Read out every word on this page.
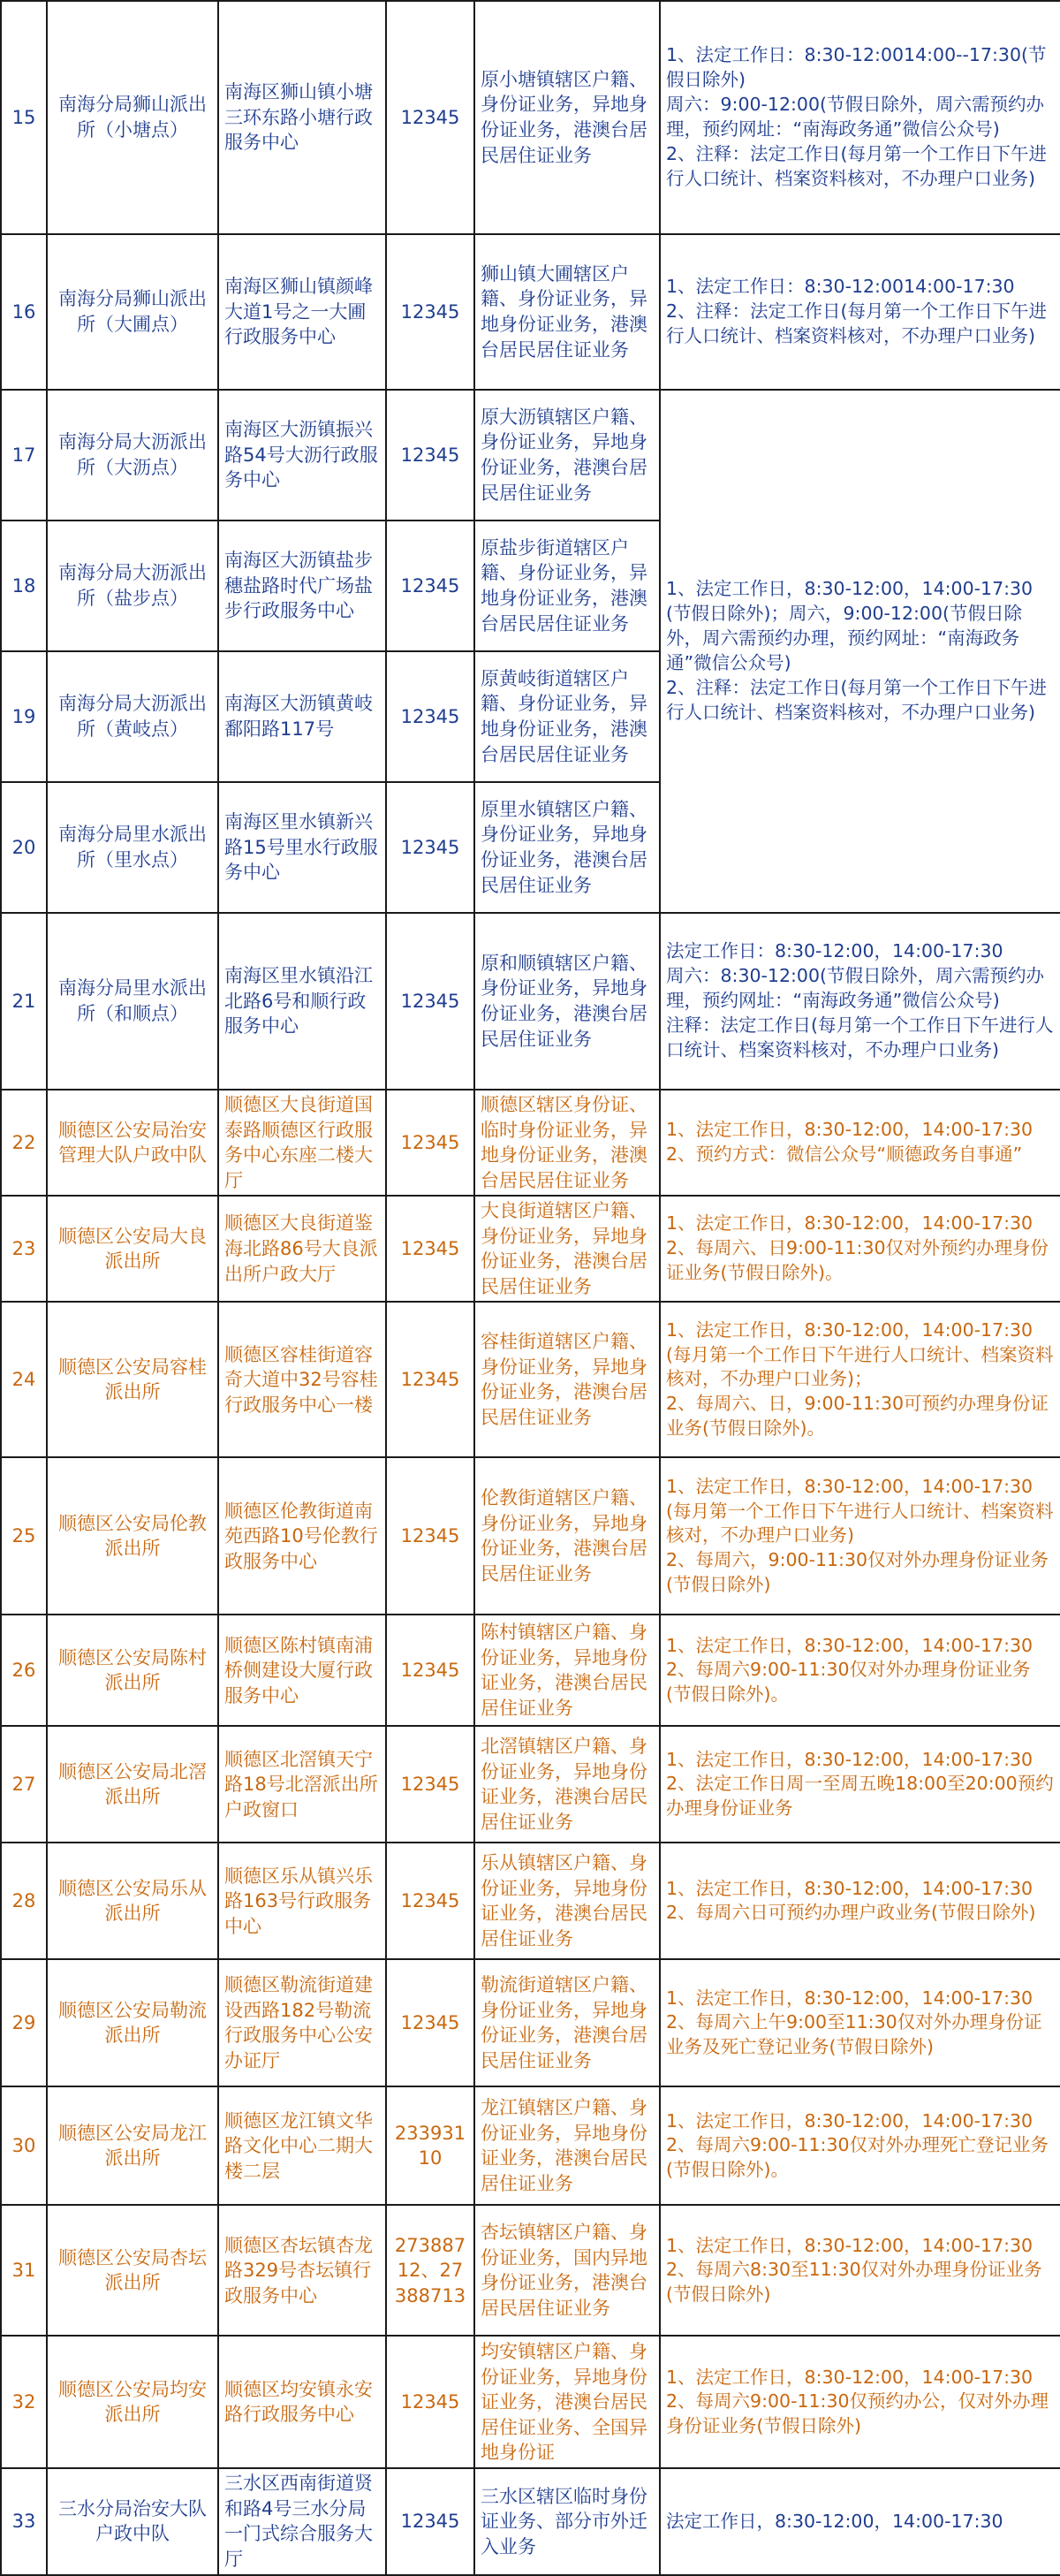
15	南海分局狮山派出所（小塘点）	南海区狮山镇小塘三环东路小塘行政服务中心	12345	原小塘镇辖区户籍、身份证业务，异地身份证业务，港澳台居民居住证业务	1、法定工作日：8:30-12:0014:00--17:30(节假日除外)
周六：9:00-12:00(节假日除外，周六需预约办理，预约网址：“南海政务通”微信公众号)
2、注释：法定工作日(每月第一个工作日下午进行人口统计、档案资料核对，不办理户口业务)
16	南海分局狮山派出所（大圃点）	南海区狮山镇颜峰大道1号之一大圃行政服务中心	12345	狮山镇大圃辖区户籍、身份证业务，异地身份证业务，港澳台居民居住证业务	1、法定工作日：8:30-12:0014:00-17:30
2、注释：法定工作日(每月第一个工作日下午进行人口统计、档案资料核对，不办理户口业务)
17	南海分局大沥派出所（大沥点）	南海区大沥镇振兴路54号大沥行政服务中心	12345	原大沥镇辖区户籍、身份证业务，异地身份证业务，港澳台居民居住证业务	1、法定工作日，8:30-12:00，14:00-17:30(节假日除外)；周六，9:00-12:00(节假日除外，周六需预约办理，预约网址：“南海政务通”微信公众号)
2、注释：法定工作日(每月第一个工作日下午进行人口统计、档案资料核对，不办理户口业务)
18	南海分局大沥派出所（盐步点）	南海区大沥镇盐步穗盐路时代广场盐步行政服务中心	12345	原盐步街道辖区户籍、身份证业务，异地身份证业务，港澳台居民居住证业务	
19	南海分局大沥派出所（黄岐点）	南海区大沥镇黄岐鄱阳路117号	12345	原黄岐街道辖区户籍、身份证业务，异地身份证业务，港澳台居民居住证业务	
20	南海分局里水派出所（里水点）	南海区里水镇新兴路15号里水行政服务中心	12345	原里水镇辖区户籍、身份证业务，异地身份证业务，港澳台居民居住证业务	
21	南海分局里水派出所（和顺点）	南海区里水镇沿江北路6号和顺行政服务中心	12345	原和顺镇辖区户籍、身份证业务，异地身份证业务，港澳台居民居住证业务	法定工作日：8:30-12:00，14:00-17:30
周六：8:30-12:00(节假日除外，周六需预约办理，预约网址：“南海政务通”微信公众号)
注释：法定工作日(每月第一个工作日下午进行人口统计、档案资料核对，不办理户口业务)
22	顺德区公安局治安管理大队户政中队	顺德区大良街道国泰路顺德区行政服务中心东座二楼大厅	12345	顺德区辖区身份证、临时身份证业务，异地身份证业务，港澳台居民居住证业务	1、法定工作日，8:30-12:00，14:00-17:30
2、预约方式：微信公众号“顺德政务自事通”
23	顺德区公安局大良派出所	顺德区大良街道鉴海北路86号大良派出所户政大厅	12345	大良街道辖区户籍、身份证业务，异地身份证业务，港澳台居民居住证业务	1、法定工作日，8:30-12:00，14:00-17:30
2、每周六、日9:00-11:30仅对外预约办理身份证业务(节假日除外)。
24	顺德区公安局容桂派出所	顺德区容桂街道容奇大道中32号容桂行政服务中心一楼	12345	容桂街道辖区户籍、身份证业务，异地身份证业务，港澳台居民居住证业务	1、法定工作日，8:30-12:00，14:00-17:30(每月第一个工作日下午进行人口统计、档案资料核对，不办理户口业务)；
2、每周六、日，9:00-11:30可预约办理身份证业务(节假日除外)。
25	顺德区公安局伦教派出所	顺德区伦教街道南苑西路10号伦教行政服务中心	12345	伦教街道辖区户籍、身份证业务，异地身份证业务，港澳台居民居住证业务	1、法定工作日，8:30-12:00，14:00-17:30(每月第一个工作日下午进行人口统计、档案资料核对，不办理户口业务)
2、每周六，9:00-11:30仅对外办理身份证业务(节假日除外)
26	顺德区公安局陈村派出所	顺德区陈村镇南浦桥侧建设大厦行政服务中心	12345	陈村镇辖区户籍、身份证业务，异地身份证业务，港澳台居民居住证业务	1、法定工作日，8:30-12:00，14:00-17:30
2、每周六9:00-11:30仅对外办理身份证业务(节假日除外)。
27	顺德区公安局北滘派出所	顺德区北滘镇天宁路18号北滘派出所户政窗口	12345	北滘镇辖区户籍、身份证业务，异地身份证业务，港澳台居民居住证业务	1、法定工作日，8:30-12:00，14:00-17:30
2、法定工作日周一至周五晚18:00至20:00预约办理身份证业务
28	顺德区公安局乐从派出所	顺德区乐从镇兴乐路163号行政服务中心	12345	乐从镇辖区户籍、身份证业务，异地身份证业务，港澳台居民居住证业务	1、法定工作日，8:30-12:00，14:00-17:30
2、每周六日可预约办理户政业务(节假日除外)
29	顺德区公安局勒流派出所	顺德区勒流街道建设西路182号勒流行政服务中心公安办证厅	12345	勒流街道辖区户籍、身份证业务，异地身份证业务，港澳台居民居住证业务	1、法定工作日，8:30-12:00，14:00-17:30
2、每周六上午9:00至11:30仅对外办理身份证业务及死亡登记业务(节假日除外)
30	顺德区公安局龙江派出所	顺德区龙江镇文华路文化中心二期大楼二层	23393110	龙江镇辖区户籍、身份证业务，异地身份证业务，港澳台居民居住证业务	1、法定工作日，8:30-12:00，14:00-17:30
2、每周六9:00-11:30仅对外办理死亡登记业务(节假日除外)。
31	顺德区公安局杏坛派出所	顺德区杏坛镇杏龙路329号杏坛镇行政服务中心	27388712、27388713	杏坛镇辖区户籍、身份证业务，国内异地身份证业务，港澳台居民居住证业务	1、法定工作日，8:30-12:00，14:00-17:30
2、每周六8:30至11:30仅对外办理身份证业务(节假日除外)
32	顺德区公安局均安派出所	顺德区均安镇永安路行政服务中心	12345	均安镇辖区户籍、身份证业务，异地身份证业务，港澳台居民居住证业务、全国异地身份证	1、法定工作日，8:30-12:00，14:00-17:30
2、每周六9:00-11:30仅预约办公，仅对外办理身份证业务(节假日除外)
33	三水分局治安大队户政中队	三水区西南街道贤和路4号三水分局一门式综合服务大厅	12345	三水区辖区临时身份证业务、部分市外迁入业务	法定工作日，8:30-12:00，14:00-17:30
